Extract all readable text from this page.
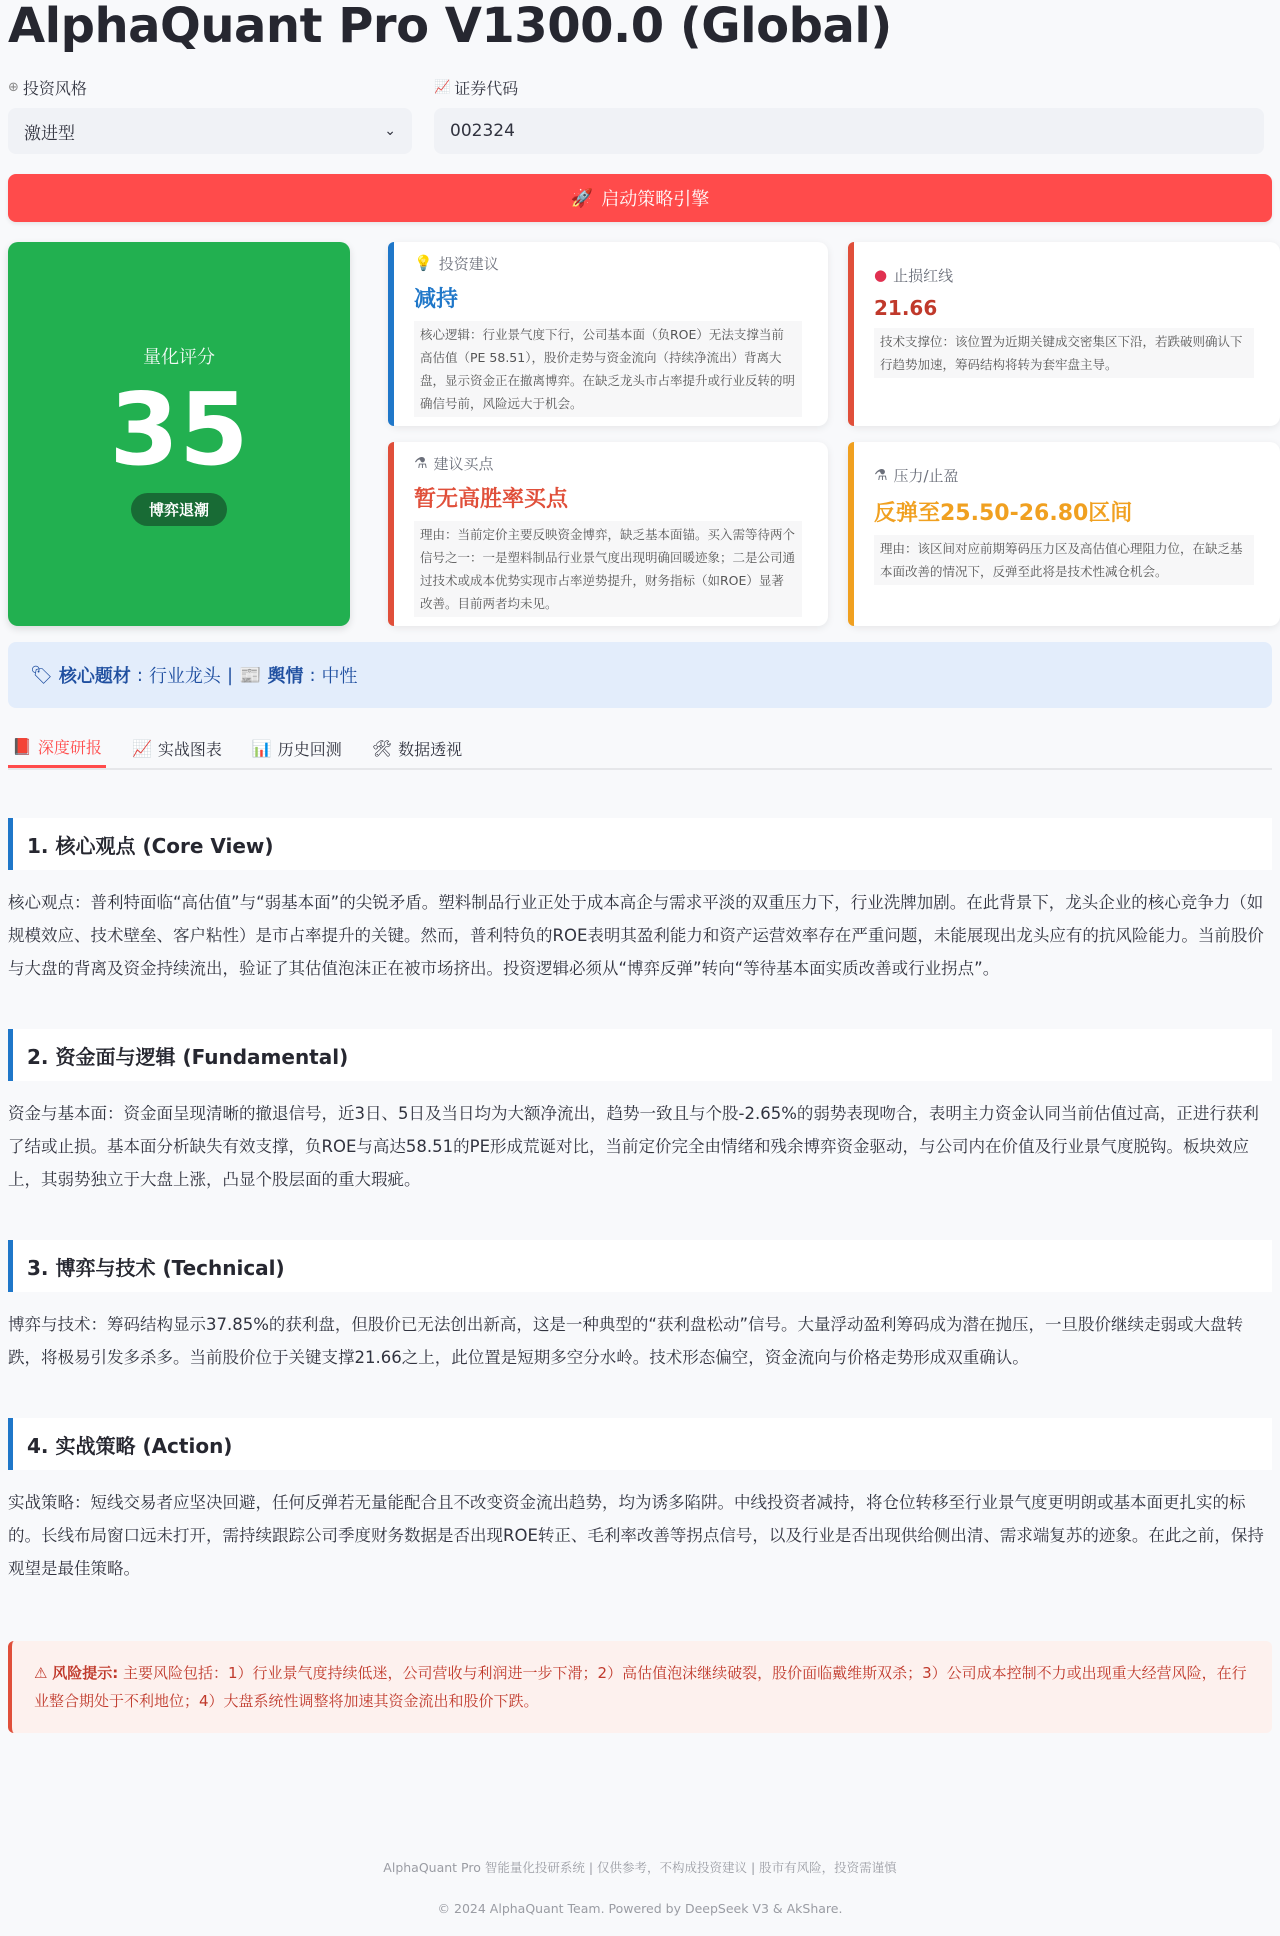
AlphaQuant Pro V1300.0 (Global)
⊕ 投资风格
激进型	⌄
📈 证券代码
002324
🚀 启动策略引擎
量化评分
35
博弈退潮
💡 投资建议
减持
核心逻辑：行业景气度下行，公司基本面（负ROE）无法支撑当前高估值（PE 58.51），股价走势与资金流向（持续净流出）背离大盘，显示资金正在撤离博弈。在缺乏龙头市占率提升或行业反转的明确信号前，风险远大于机会。
● 止损红线
21.66
技术支撑位：该位置为近期关键成交密集区下沿，若跌破则确认下行趋势加速，筹码结构将转为套牢盘主导。
⚗ 建议买点
暂无高胜率买点
理由：当前定价主要反映资金博弈，缺乏基本面锚。买入需等待两个信号之一：一是塑料制品行业景气度出现明确回暖迹象；二是公司通过技术或成本优势实现市占率逆势提升，财务指标（如ROE）显著改善。目前两者均未见。
⚗ 压力/止盈
反弹至25.50-26.80区间
理由：该区间对应前期筹码压力区及高估值心理阻力位，在缺乏基本面改善的情况下，反弹至此将是技术性减仓机会。
🏷 核心题材 : 行业龙头 | 📰 舆情 : 中性
📕 深度研报 📈 实战图表 📊 历史回测 🛠 数据透视
1. 核心观点 (Core View)
核心观点：普利特面临“高估值”与“弱基本面”的尖锐矛盾。塑料制品行业正处于成本高企与需求平淡的双重压力下，行业洗牌加剧。在此背景下，龙头企业的核心竞争力（如规模效应、技术壁垒、客户粘性）是市占率提升的关键。然而，普利特负的ROE表明其盈利能力和资产运营效率存在严重问题，未能展现出龙头应有的抗风险能力。当前股价与大盘的背离及资金持续流出，验证了其估值泡沫正在被市场挤出。投资逻辑必须从“博弈反弹”转向“等待基本面实质改善或行业拐点”。
2. 资金面与逻辑 (Fundamental)
资金与基本面：资金面呈现清晰的撤退信号，近3日、5日及当日均为大额净流出，趋势一致且与个股-2.65%的弱势表现吻合，表明主力资金认同当前估值过高，正进行获利了结或止损。基本面分析缺失有效支撑，负ROE与高达58.51的PE形成荒诞对比，当前定价完全由情绪和残余博弈资金驱动，与公司内在价值及行业景气度脱钩。板块效应上，其弱势独立于大盘上涨，凸显个股层面的重大瑕疵。
3. 博弈与技术 (Technical)
博弈与技术：筹码结构显示37.85%的获利盘，但股价已无法创出新高，这是一种典型的“获利盘松动”信号。大量浮动盈利筹码成为潜在抛压，一旦股价继续走弱或大盘转跌，将极易引发多杀多。当前股价位于关键支撑21.66之上，此位置是短期多空分水岭。技术形态偏空，资金流向与价格走势形成双重确认。
4. 实战策略 (Action)
实战策略：短线交易者应坚决回避，任何反弹若无量能配合且不改变资金流出趋势，均为诱多陷阱。中线投资者减持，将仓位转移至行业景气度更明朗或基本面更扎实的标的。长线布局窗口远未打开，需持续跟踪公司季度财务数据是否出现ROE转正、毛利率改善等拐点信号，以及行业是否出现供给侧出清、需求端复苏的迹象。在此之前，保持观望是最佳策略。
⚠ 风险提示: 主要风险包括：1）行业景气度持续低迷，公司营收与利润进一步下滑；2）高估值泡沫继续破裂，股价面临戴维斯双杀；3）公司成本控制不力或出现重大经营风险，在行业整合期处于不利地位；4）大盘系统性调整将加速其资金流出和股价下跌。
AlphaQuant Pro 智能量化投研系统 | 仅供参考，不构成投资建议 | 股市有风险，投资需谨慎
© 2024 AlphaQuant Team. Powered by DeepSeek V3 & AkShare.
